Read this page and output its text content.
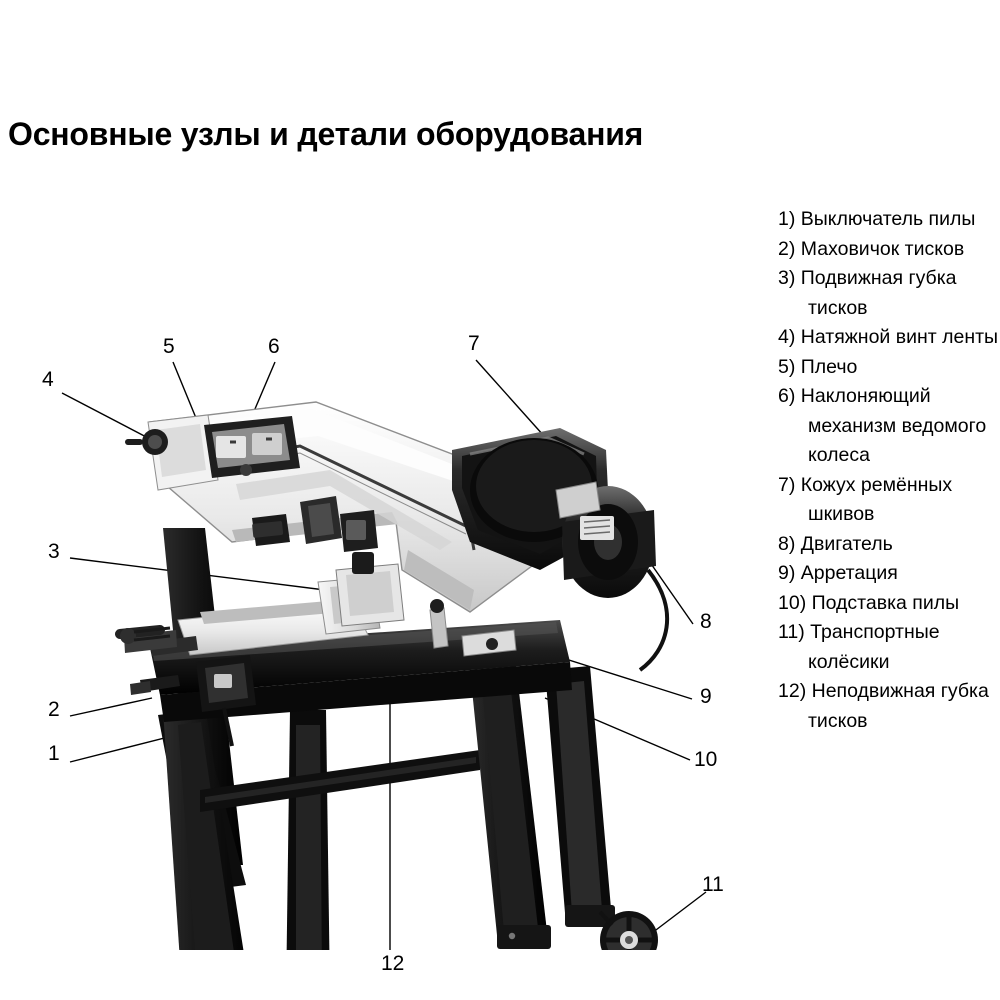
Основные узлы и детали оборудования
1
2
3
4
5	6	7
8
9
10
11
12
1) Выключатель пилы
2) Маховичок тисков
3) Подвижная губка тисков
4) Натяжной винт ленты
5) Плечо
6) Наклоняющий механизм ведомого колеса
7) Кожух ремённых шкивов
8) Двигатель
9) Арретация
10) Подставка пилы
11) Транспортные колёсики
12) Неподвижная губка тисков
